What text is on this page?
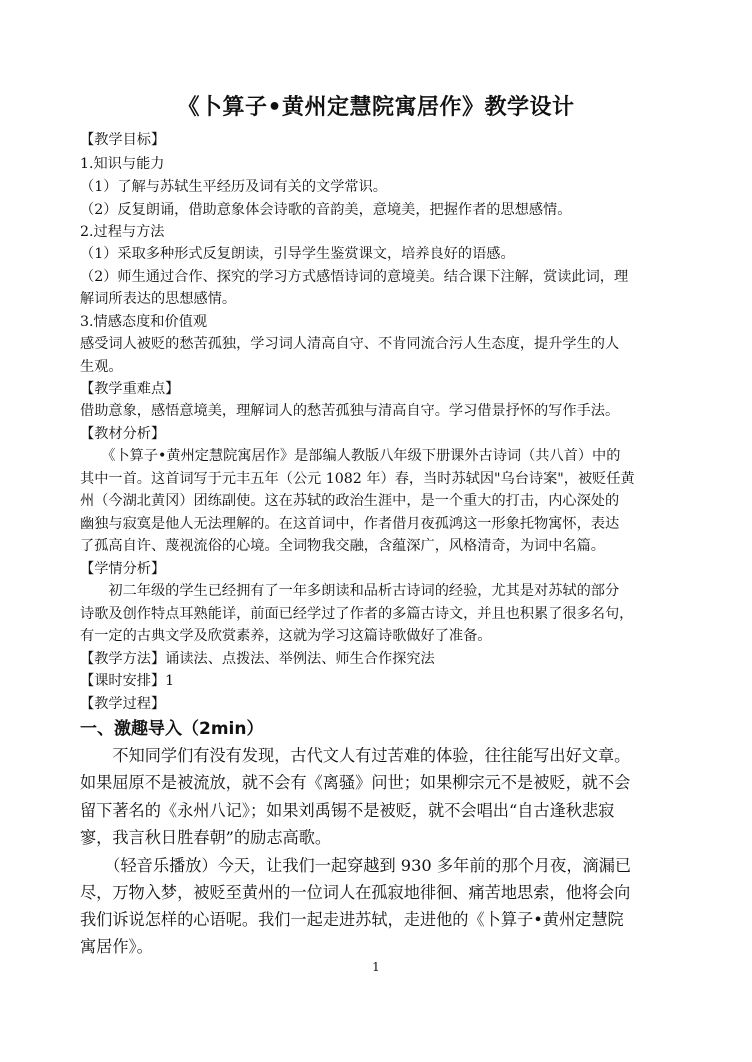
《卜算子•黄州定慧院寓居作》教学设计
【教学目标】
1.知识与能力
（1）了解与苏轼生平经历及词有关的文学常识。
（2）反复朗诵，借助意象体会诗歌的音韵美，意境美，把握作者的思想感情。
2.过程与方法
（1）采取多种形式反复朗读，引导学生鉴赏课文，培养良好的语感。
（2）师生通过合作、探究的学习方式感悟诗词的意境美。结合课下注解，赏读此词，理
解词所表达的思想感情。
3.情感态度和价值观
感受词人被贬的愁苦孤独，学习词人清高自守、不肯同流合污人生态度，提升学生的人
生观。
【教学重难点】
借助意象，感悟意境美，理解词人的愁苦孤独与清高自守。学习借景抒怀的写作手法。
【教材分析】
　　《卜算子•黄州定慧院寓居作》是部编人教版八年级下册课外古诗词（共八首）中的
其中一首。这首词写于元丰五年（公元 1082 年）春，当时苏轼因"乌台诗案"，被贬任黄
州（今湖北黄冈）团练副使。这在苏轼的政治生涯中，是一个重大的打击，内心深处的
幽独与寂寞是他人无法理解的。在这首词中，作者借月夜孤鸿这一形象托物寓怀，表达
了孤高自许、蔑视流俗的心境。全词物我交融，含蕴深广，风格清奇，为词中名篇。
【学情分析】
　　初二年级的学生已经拥有了一年多朗读和品析古诗词的经验，尤其是对苏轼的部分
诗歌及创作特点耳熟能详，前面已经学过了作者的多篇古诗文，并且也积累了很多名句，
有一定的古典文学及欣赏素养，这就为学习这篇诗歌做好了准备。
【教学方法】诵读法、点拨法、举例法、师生合作探究法
【课时安排】1
【教学过程】
一、激趣导入（2min）
　　不知同学们有没有发现，古代文人有过苦难的体验，往往能写出好文章。
如果屈原不是被流放，就不会有《离骚》问世；如果柳宗元不是被贬，就不会
留下著名的《永州八记》；如果刘禹锡不是被贬，就不会唱出“自古逢秋悲寂
寥，我言秋日胜春朝”的励志高歌。
　　（轻音乐播放）今天，让我们一起穿越到 930 多年前的那个月夜，滴漏已
尽，万物入梦，被贬至黄州的一位词人在孤寂地徘徊、痛苦地思索，他将会向
我们诉说怎样的心语呢。我们一起走进苏轼，走进他的《卜算子•黄州定慧院
寓居作》。
1
